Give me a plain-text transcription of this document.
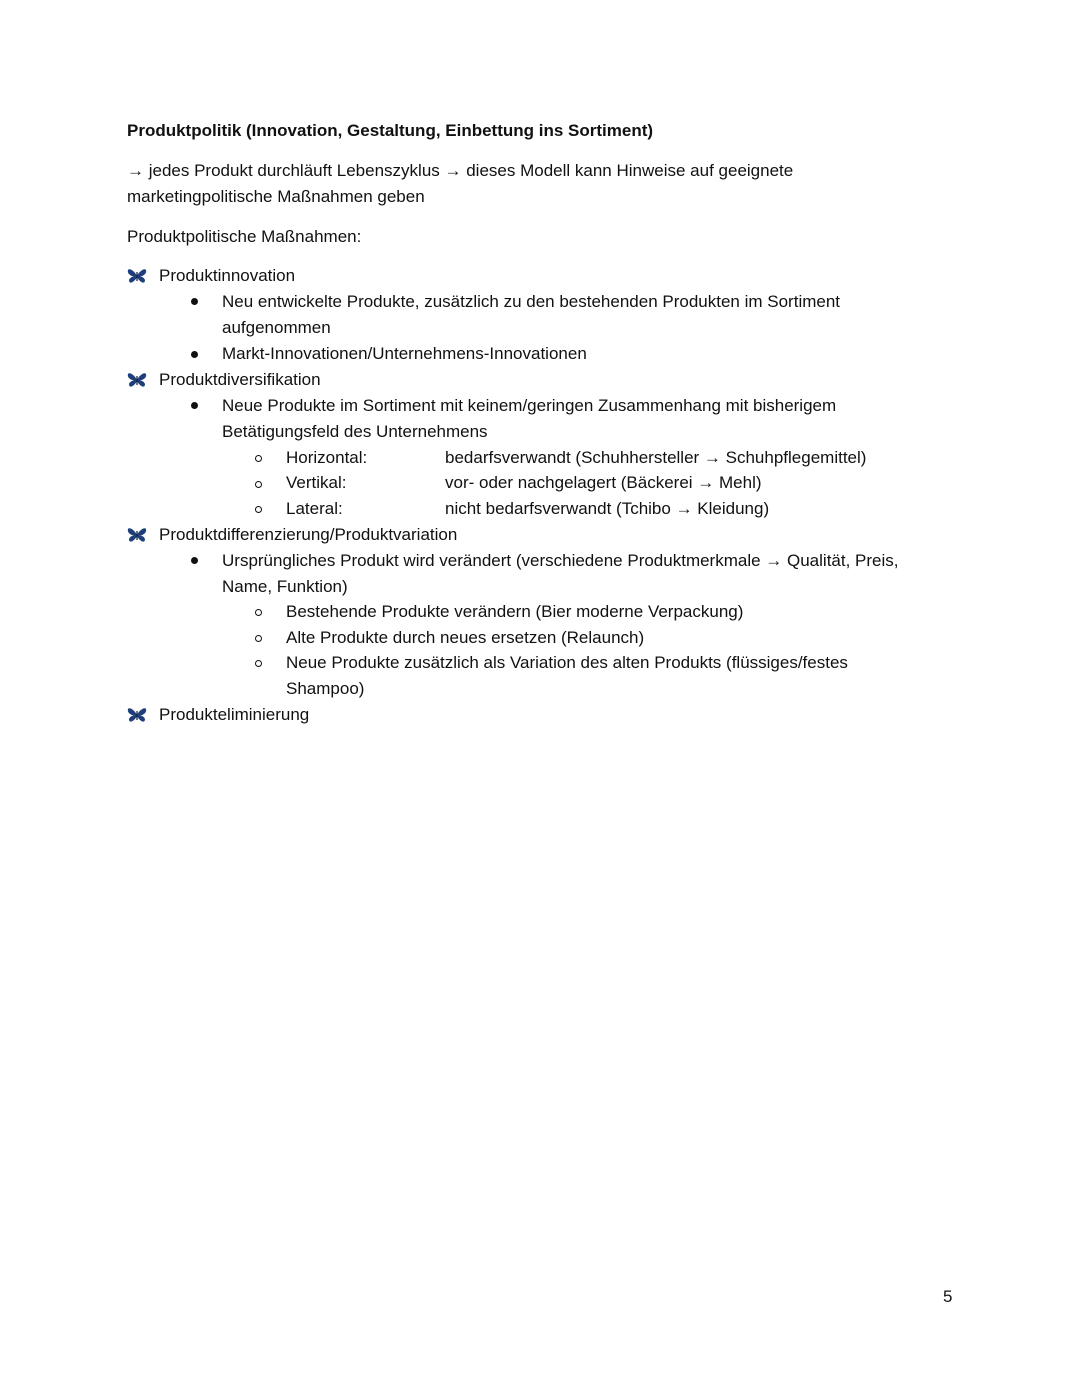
Produktpolitik (Innovation, Gestaltung, Einbettung ins Sortiment)
→ jedes Produkt durchläuft Lebenszyklus → dieses Modell kann Hinweise auf geeignete
marketingpolitische Maßnahmen geben
Produktpolitische Maßnahmen:
Produktinnovation
Neu entwickelte Produkte, zusätzlich zu den bestehenden Produkten im Sortiment
aufgenommen
Markt-Innovationen/Unternehmens-Innovationen
Produktdiversifikation
Neue Produkte im Sortiment mit keinem/geringen Zusammenhang mit bisherigem
Betätigungsfeld des Unternehmens
Horizontal:	bedarfsverwandt (Schuhhersteller → Schuhpflegemittel)
Vertikal:	vor- oder nachgelagert (Bäckerei → Mehl)
Lateral:	nicht bedarfsverwandt (Tchibo → Kleidung)
Produktdifferenzierung/Produktvariation
Ursprüngliches Produkt wird verändert (verschiedene Produktmerkmale → Qualität, Preis,
Name, Funktion)
Bestehende Produkte verändern (Bier moderne Verpackung)
Alte Produkte durch neues ersetzen (Relaunch)
Neue Produkte zusätzlich als Variation des alten Produkts (flüssiges/festes
Shampoo)
Produkteliminierung
5
